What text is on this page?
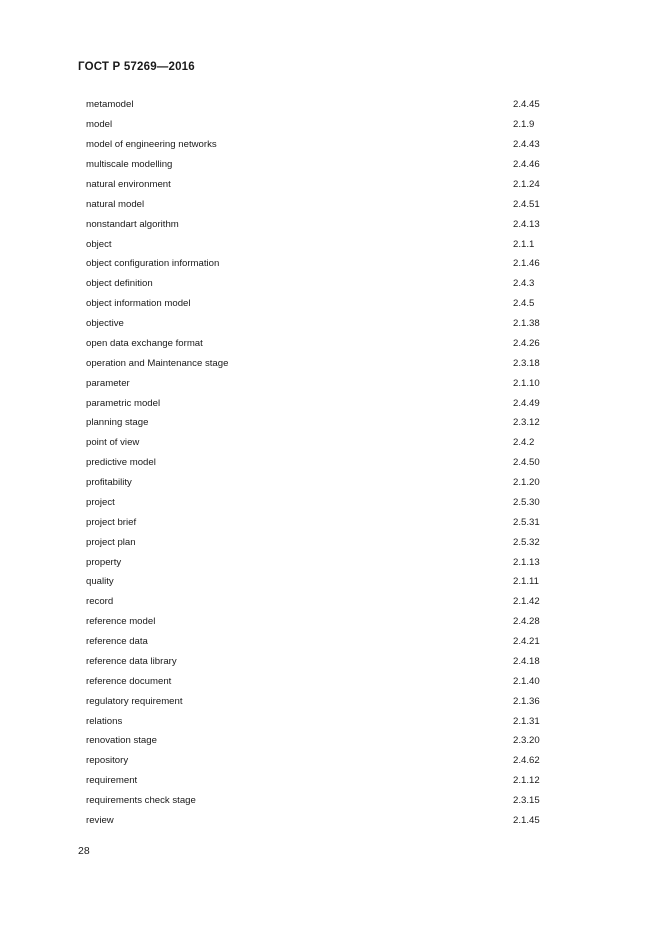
ГОСТ Р 57269—2016
metamodel	2.4.45
model	2.1.9
model of engineering networks	2.4.43
multiscale modelling	2.4.46
natural environment	2.1.24
natural model	2.4.51
nonstandart algorithm	2.4.13
object	2.1.1
object configuration information	2.1.46
object definition	2.4.3
object information model	2.4.5
objective	2.1.38
open data exchange format	2.4.26
operation and Maintenance stage	2.3.18
parameter	2.1.10
parametric model	2.4.49
planning stage	2.3.12
point of view	2.4.2
predictive model	2.4.50
profitability	2.1.20
project	2.5.30
project brief	2.5.31
project plan	2.5.32
property	2.1.13
quality	2.1.11
record	2.1.42
reference model	2.4.28
reference data	2.4.21
reference data library	2.4.18
reference document	2.1.40
regulatory requirement	2.1.36
relations	2.1.31
renovation stage	2.3.20
repository	2.4.62
requirement	2.1.12
requirements check stage	2.3.15
review	2.1.45
28
